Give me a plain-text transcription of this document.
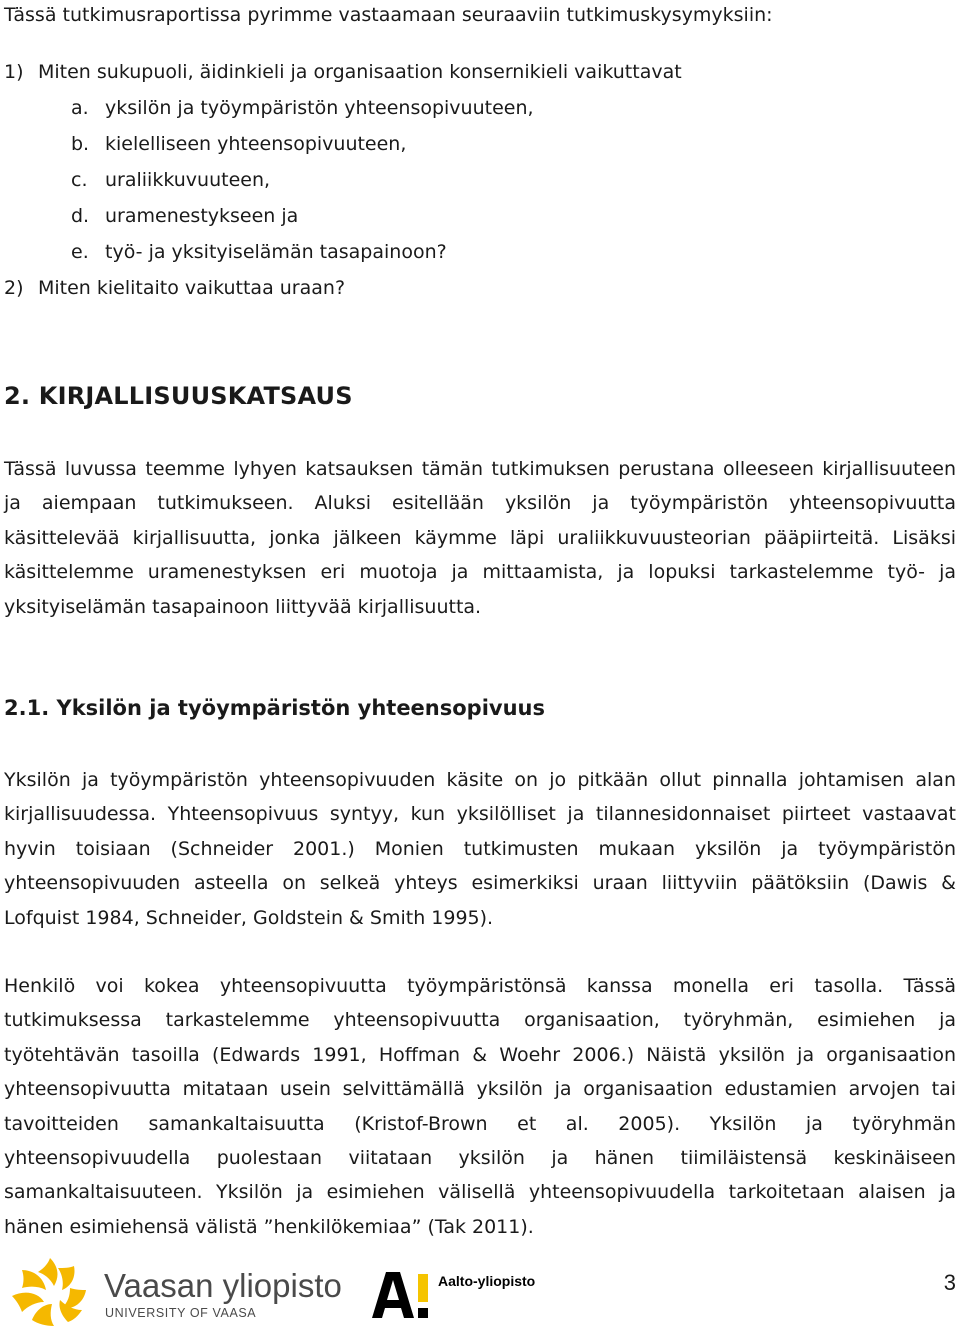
Tässä tutkimusraportissa pyrimme vastaamaan seuraaviin tutkimuskysymyksiin:

1) Miten sukupuoli, äidinkieli ja organisaation konsernikieli vaikuttavat
a. yksilön ja työympäristön yhteensopivuuteen,
b. kielelliseen yhteensopivuuteen,
c. uraliikkuvuuteen,
d. uramenestykseen ja
e. työ- ja yksityiselämän tasapainoon?
2) Miten kielitaito vaikuttaa uraan?
2. KIRJALLISUUSKATSAUS

Tässä luvussa teemme lyhyen katsauksen tämän tutkimuksen perustana olleeseen kirjallisuuteen ja aiempaan tutkimukseen. Aluksi esitellään yksilön ja työympäristön yhteensopivuutta käsittelevää kirjallisuutta, jonka jälkeen käymme läpi uraliikkuvuusteorian pääpiirteitä. Lisäksi käsittelemme uramenestyksen eri muotoja ja mittaamista, ja lopuksi tarkastelemme työ- ja yksityiselämän tasapainoon liittyvää kirjallisuutta.

2.1. Yksilön ja työympäristön yhteensopivuus

Yksilön ja työympäristön yhteensopivuuden käsite on jo pitkään ollut pinnalla johtamisen alan kirjallisuudessa. Yhteensopivuus syntyy, kun yksilölliset ja tilannesidonnaiset piirteet vastaavat hyvin toisiaan (Schneider 2001.) Monien tutkimusten mukaan yksilön ja työympäristön yhteensopivuuden asteella on selkeä yhteys esimerkiksi uraan liittyviin päätöksiin (Dawis & Lofquist 1984, Schneider, Goldstein & Smith 1995).

Henkilö voi kokea yhteensopivuutta työympäristönsä kanssa monella eri tasolla. Tässä tutkimuksessa tarkastelemme yhteensopivuutta organisaation, työryhmän, esimiehen ja työtehtävän tasoilla (Edwards 1991, Hoffman & Woehr 2006.) Näistä yksilön ja organisaation yhteensopivuutta mitataan usein selvittämällä yksilön ja organisaation edustamien arvojen tai tavoitteiden samankaltaisuutta (Kristof-Brown et al. 2005). Yksilön ja työryhmän yhteensopivuudella puolestaan viitataan yksilön ja hänen tiimiläistensä keskinäiseen samankaltaisuuteen. Yksilön ja esimiehen välisellä yhteensopivuudella tarkoitetaan alaisen ja hänen esimiehensä välistä ”henkilökemiaa” (Tak 2011).

Vaasan yliopisto
UNIVERSITY OF VAASA
Aalto-yliopisto	3
